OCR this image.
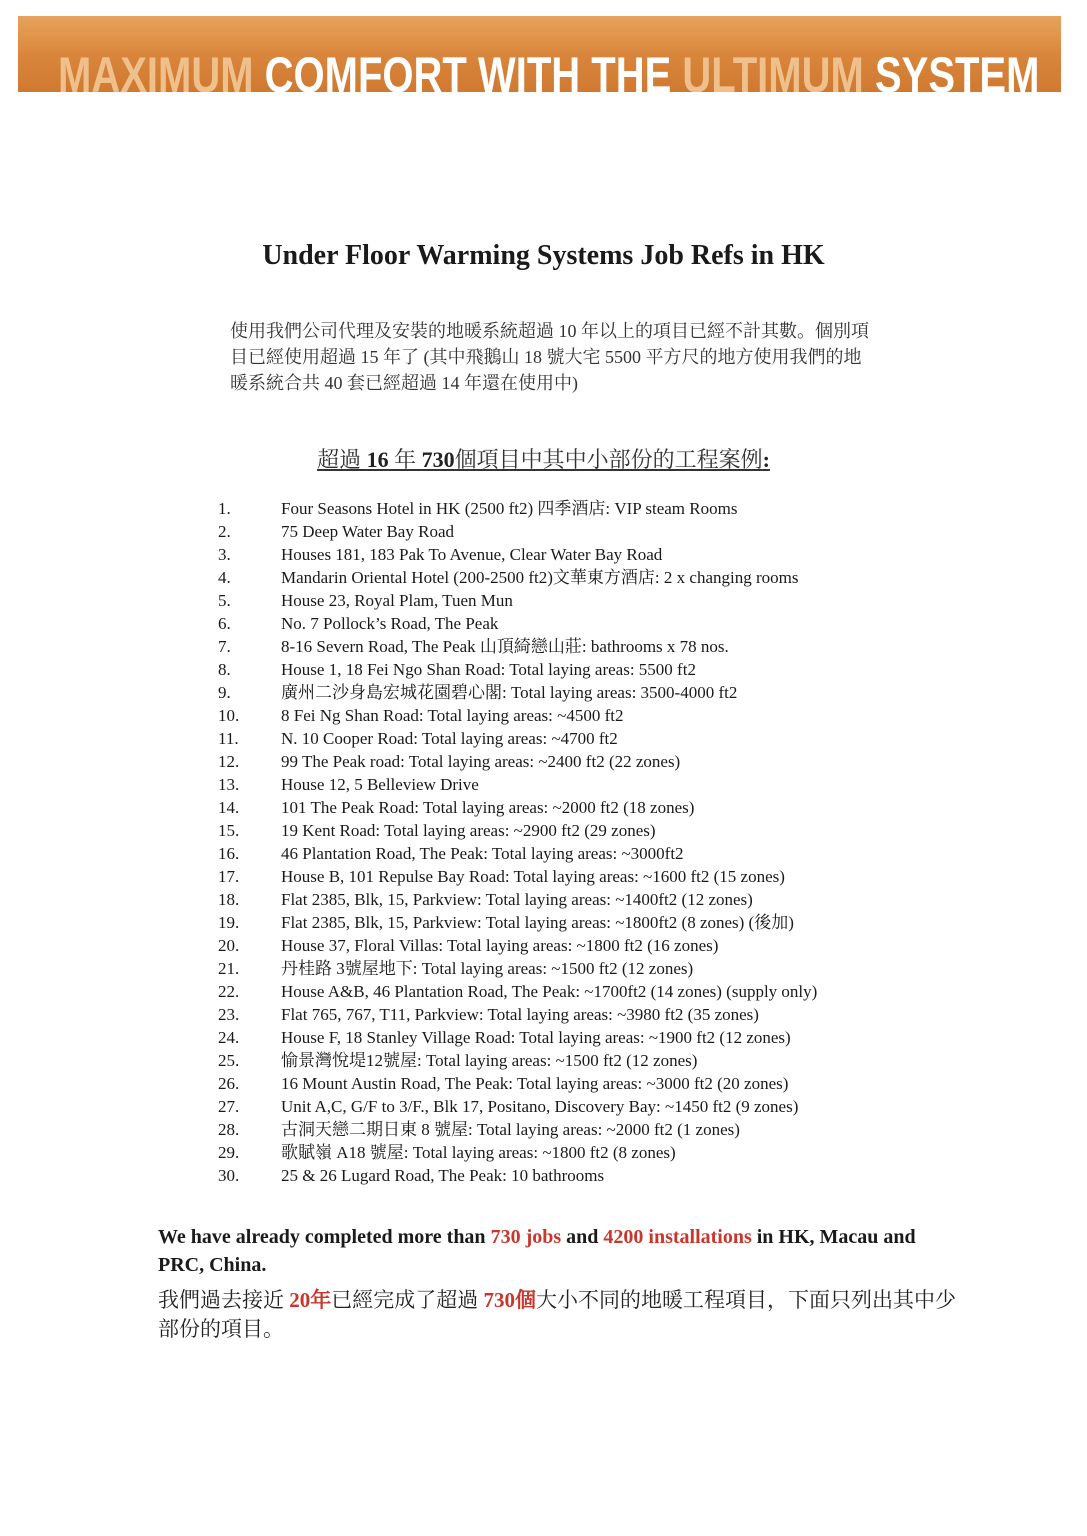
MAXIMUM COMFORT WITH THE ULTIMUM SYSTEM
Under Floor Warming Systems Job Refs in HK
使用我們公司代理及安裝的地暖系統超過 10 年以上的項目已經不計其數。個別項目已經使用超過 15 年了 (其中飛鵝山 18 號大宅 5500 平方尺的地方使用我們的地暖系統合共 40 套已經超過 14 年還在使用中)
超過 16 年 730個項目中其中小部份的工程案例:
1.	Four Seasons Hotel in HK (2500 ft2) 四季酒店: VIP steam Rooms
2.	75 Deep Water Bay Road
3.	Houses 181, 183 Pak To Avenue, Clear Water Bay Road
4.	Mandarin Oriental Hotel (200-2500 ft2)文華東方酒店: 2 x changing rooms
5.	House 23, Royal Plam, Tuen Mun
6.	No. 7 Pollock’s Road, The Peak
7.	8-16 Severn Road, The Peak 山頂綺戀山莊: bathrooms x 78 nos.
8.	House 1, 18 Fei Ngo Shan Road: Total laying areas: 5500 ft2
9.	廣州二沙身島宏城花園碧心閣: Total laying areas: 3500-4000 ft2
10. 8 Fei Ng Shan Road: Total laying areas: ~4500 ft2
11. N. 10 Cooper Road: Total laying areas: ~4700 ft2
12. 99 The Peak road: Total laying areas: ~2400 ft2 (22 zones)
13. House 12, 5 Belleview Drive
14. 101 The Peak Road: Total laying areas: ~2000 ft2 (18 zones)
15. 19 Kent Road: Total laying areas: ~2900 ft2 (29 zones)
16. 46 Plantation Road, The Peak: Total laying areas: ~3000ft2
17. House B, 101 Repulse Bay Road: Total laying areas: ~1600 ft2 (15 zones)
18. Flat 2385, Blk, 15, Parkview: Total laying areas: ~1400ft2 (12 zones)
19. Flat 2385, Blk, 15, Parkview: Total laying areas: ~1800ft2 (8 zones) (後加)
20. House 37, Floral Villas: Total laying areas: ~1800 ft2 (16 zones)
21. 丹桂路 3號屋地下: Total laying areas: ~1500 ft2 (12 zones)
22. House A&B, 46 Plantation Road, The Peak: ~1700ft2 (14 zones) (supply only)
23. Flat 765, 767, T11, Parkview: Total laying areas: ~3980 ft2 (35 zones)
24. House F, 18 Stanley Village Road: Total laying areas: ~1900 ft2 (12 zones)
25. 愉景灣悅堤12號屋: Total laying areas: ~1500 ft2 (12 zones)
26. 16 Mount Austin Road, The Peak: Total laying areas: ~3000 ft2 (20 zones)
27. Unit A,C, G/F to 3/F., Blk 17, Positano, Discovery Bay: ~1450 ft2 (9 zones)
28. 古洞天戀二期日東 8 號屋: Total laying areas: ~2000 ft2 (1 zones)
29. 歌賦嶺 A18 號屋: Total laying areas: ~1800 ft2 (8 zones)
30. 25 & 26 Lugard Road, The Peak: 10 bathrooms
We have already completed more than 730 jobs and 4200 installations in HK, Macau and PRC, China.
我們過去接近 20年已經完成了超過 730個大小不同的地暖工程項目，下面只列出其中少部份的項目。
